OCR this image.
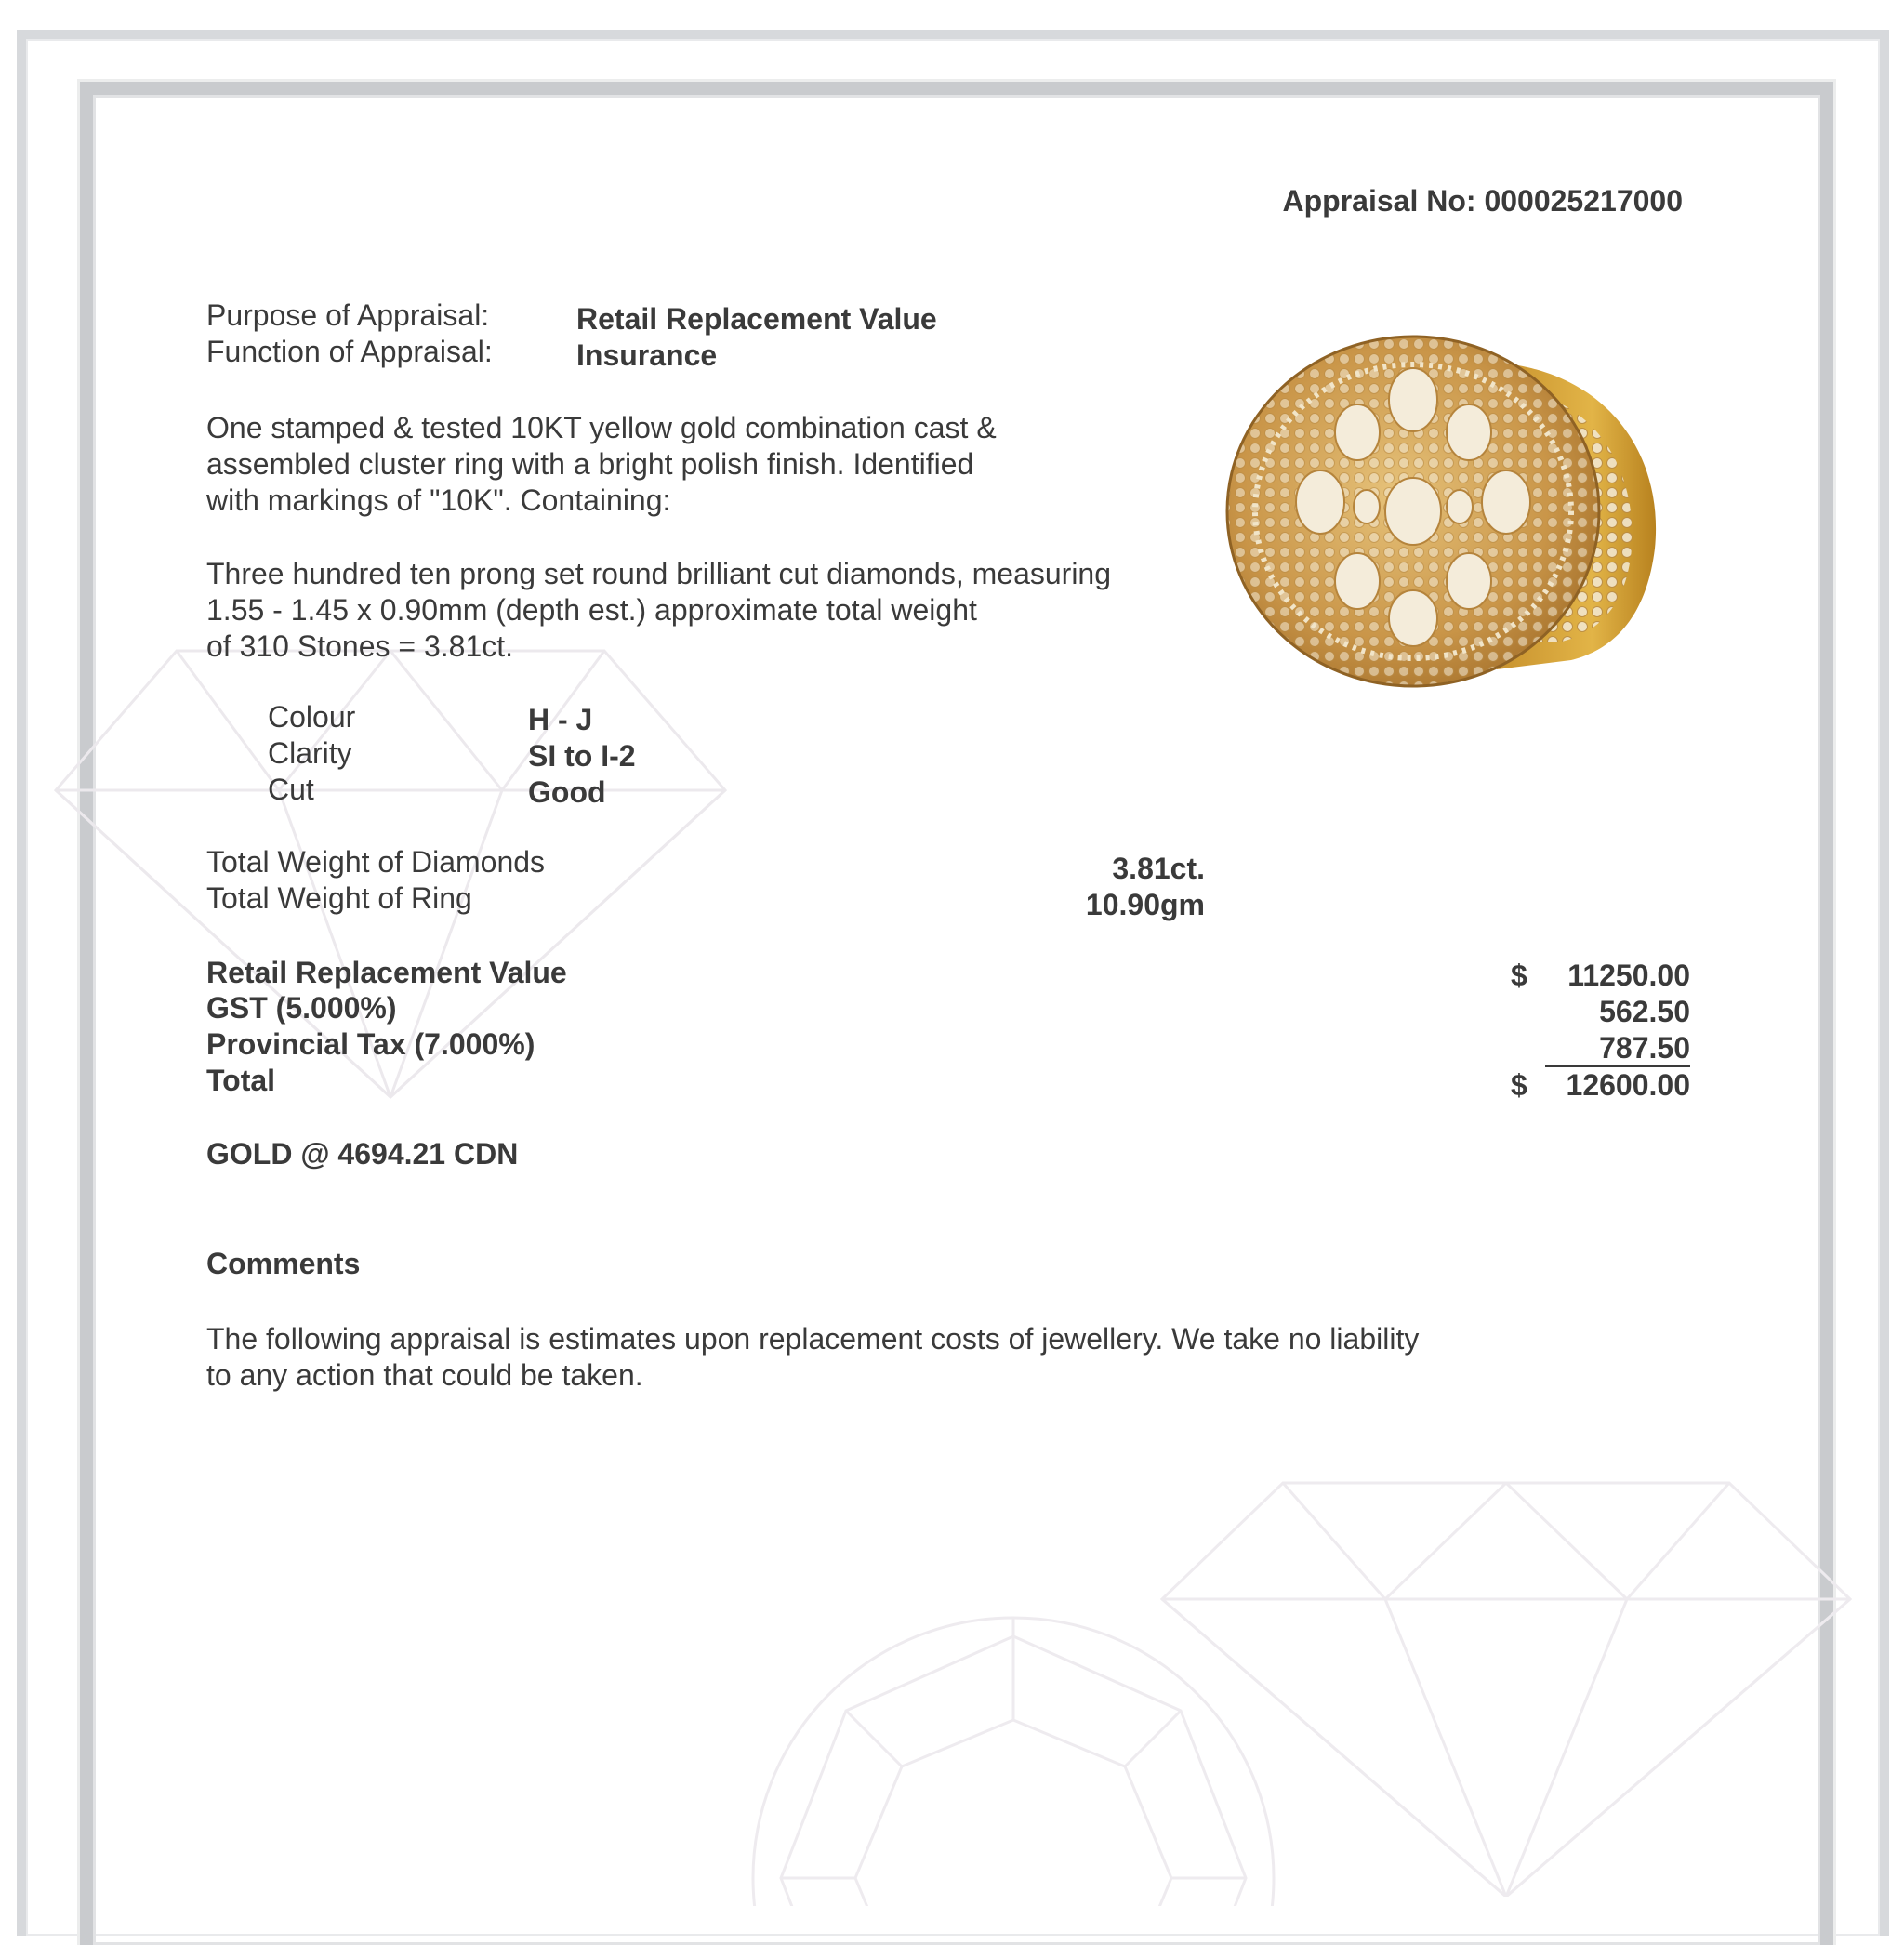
Appraisal No: 000025217000
Purpose of Appraisal:	Retail Replacement Value
Function of Appraisal:	Insurance
One stamped & tested 10KT yellow gold combination cast &
assembled cluster ring with a bright polish finish. Identified
with markings of "10K". Containing:
Three hundred ten prong set round brilliant cut diamonds, measuring
1.55 - 1.45 x 0.90mm (depth est.) approximate total weight
of 310 Stones = 3.81ct.
Colour	H - J
Clarity	SI to I-2
Cut	Good
Total Weight of Diamonds	3.81ct.
Total Weight of Ring	10.90gm
Retail Replacement Value	$ 11250.00
GST (5.000%)	562.50
Provincial Tax (7.000%)	787.50
Total	$ 12600.00
GOLD @ 4694.21 CDN
Comments
The following appraisal is estimates upon replacement costs of jewellery. We take no liability
to any action that could be taken.
